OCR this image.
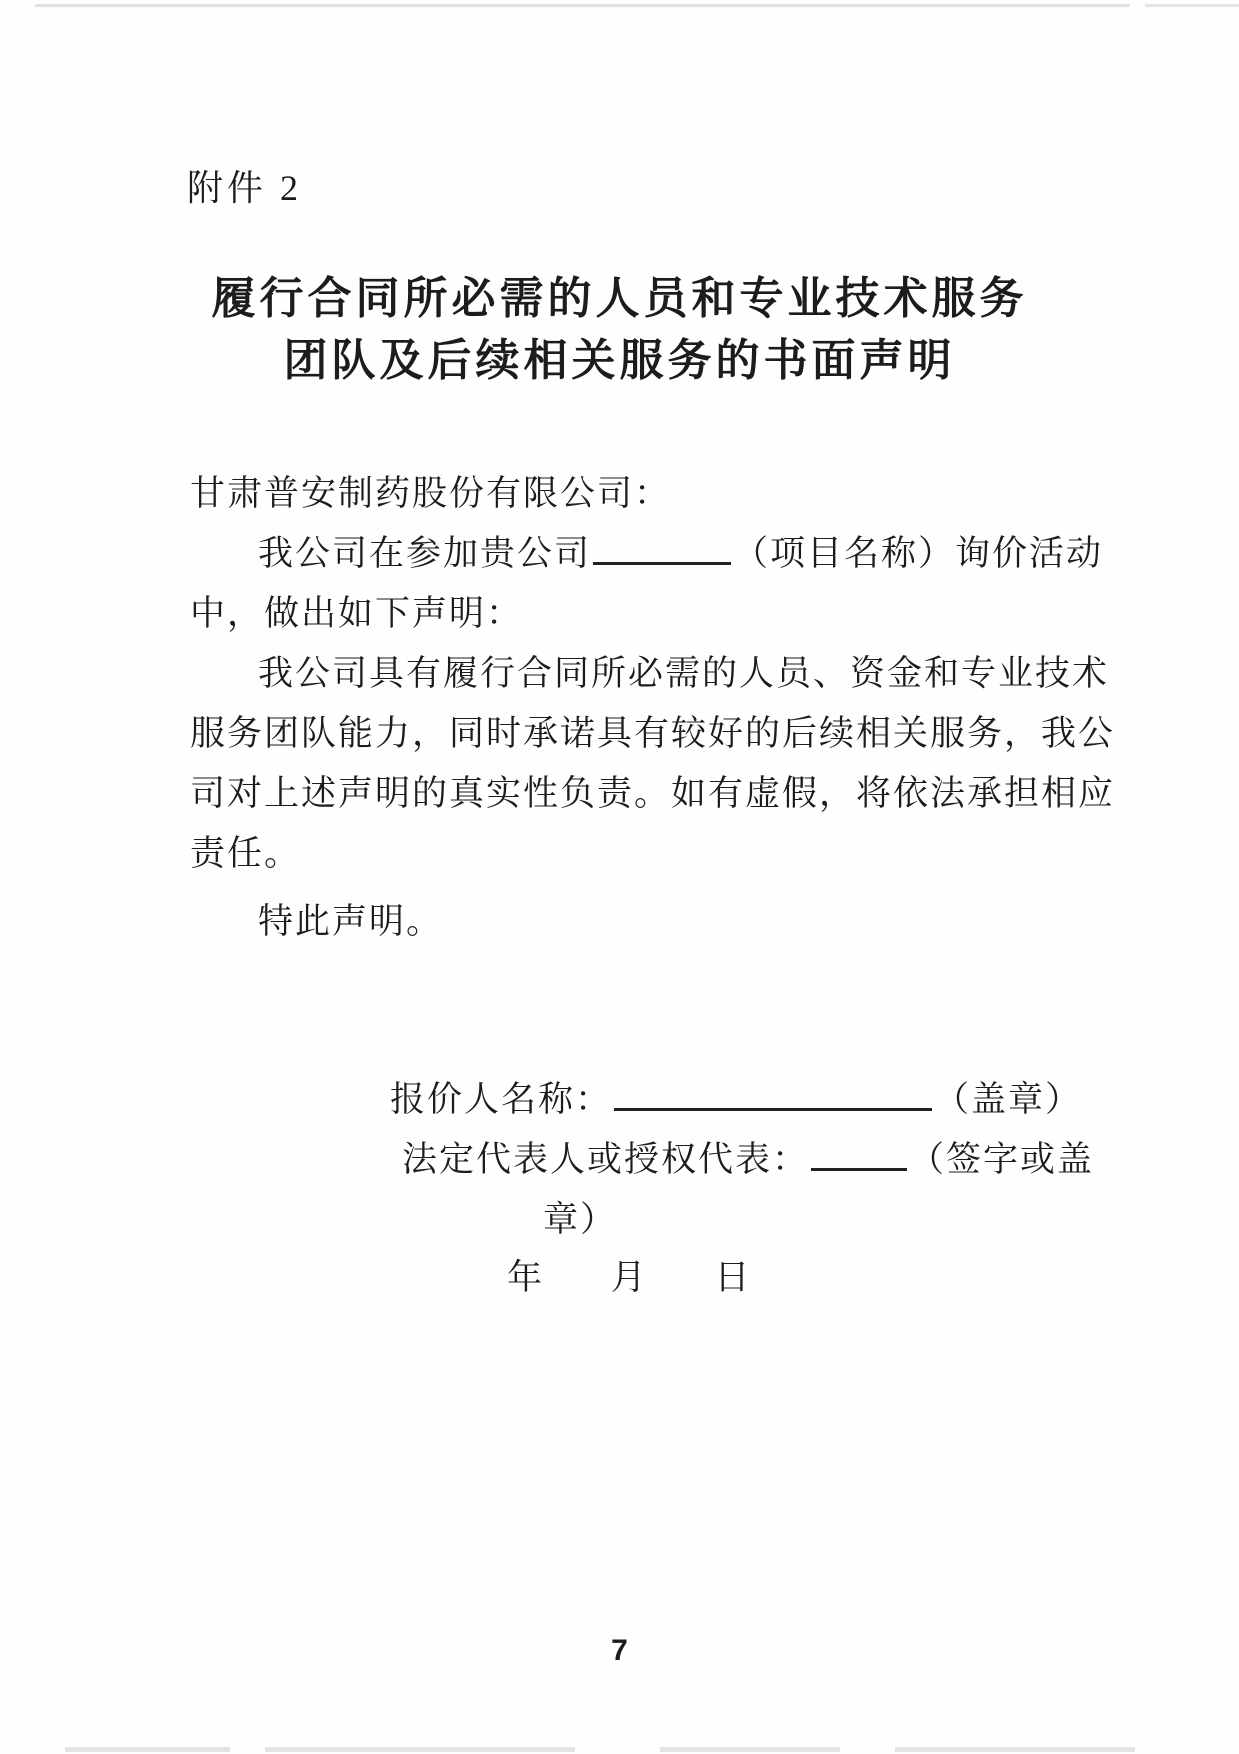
附件 2
履行合同所必需的人员和专业技术服务
团队及后续相关服务的书面声明
甘肃普安制药股份有限公司：
我公司在参加贵公司	（项目名称）询价活动
中，做出如下声明：
我公司具有履行合同所必需的人员、资金和专业技术
服务团队能力，同时承诺具有较好的后续相关服务，我公
司对上述声明的真实性负责。如有虚假，将依法承担相应
责任。
特此声明。
报价人名称：	（盖章）
法定代表人或授权代表：	（签字或盖
章）
年 月 日
7
